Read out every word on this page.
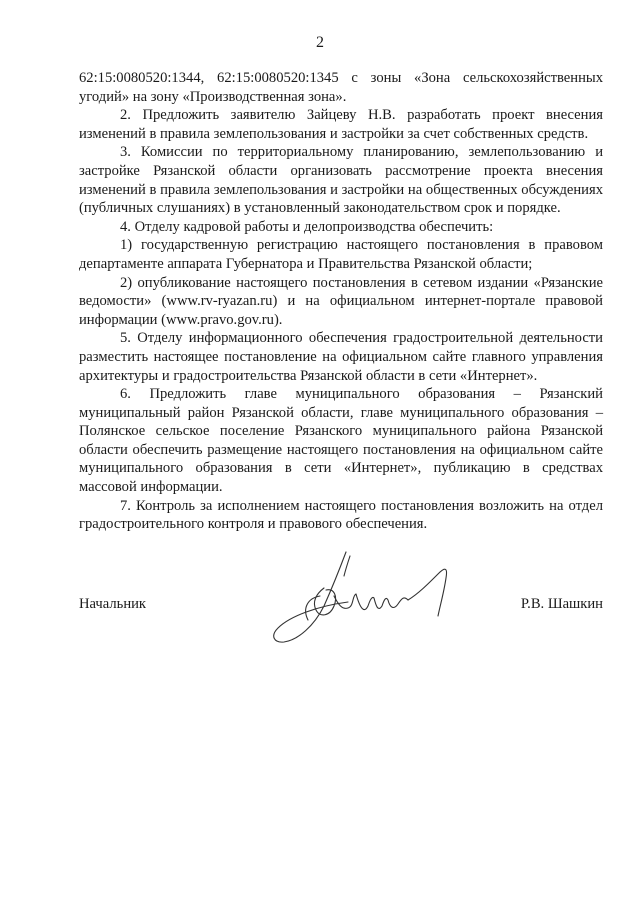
2

62:15:0080520:1344, 62:15:0080520:1345 с зоны «Зона сельскохозяйственных угодий» на зону «Производственная зона».

2. Предложить заявителю Зайцеву Н.В. разработать проект внесения изменений в правила землепользования и застройки за счет собственных средств.

3. Комиссии по территориальному планированию, землепользованию и застройке Рязанской области организовать рассмотрение проекта внесения изменений в правила землепользования и застройки на общественных обсуждениях (публичных слушаниях) в установленный законодательством срок и порядке.

4. Отделу кадровой работы и делопроизводства обеспечить:

1) государственную регистрацию настоящего постановления в правовом департаменте аппарата Губернатора и Правительства Рязанской области;

2) опубликование настоящего постановления в сетевом издании «Рязанские ведомости» (www.rv-ryazan.ru) и на официальном интернет-портале правовой информации (www.pravo.gov.ru).

5. Отделу информационного обеспечения градостроительной деятельности разместить настоящее постановление на официальном сайте главного управления архитектуры и градостроительства Рязанской области в сети «Интернет».

6. Предложить главе муниципального образования – Рязанский муниципальный район Рязанской области, главе муниципального образования – Полянское сельское поселение Рязанского муниципального района Рязанской области обеспечить размещение настоящего постановления на официальном сайте муниципального образования в сети «Интернет», публикацию в средствах массовой информации.

7. Контроль за исполнением настоящего постановления возложить на отдел градостроительного контроля и правового обеспечения.

Начальник	Р.В. Шашкин
